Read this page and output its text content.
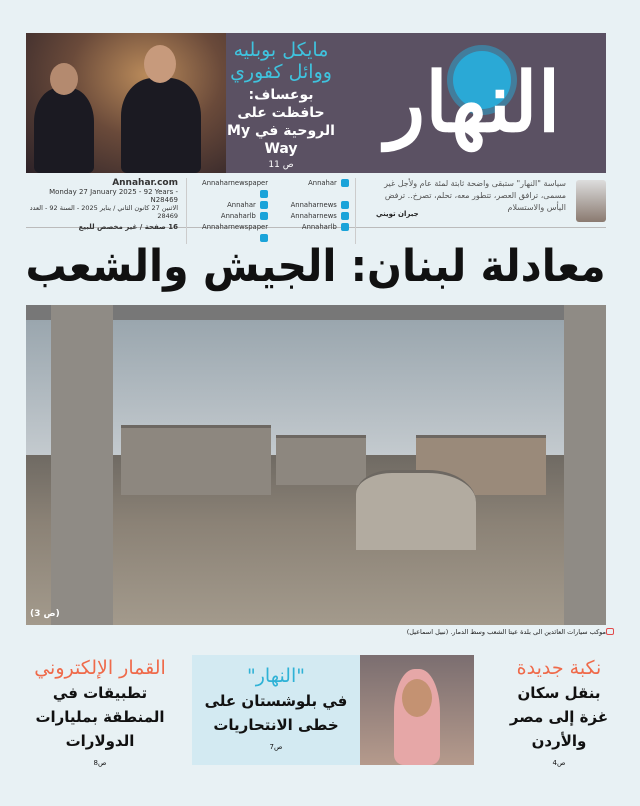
مايكل بوبليه ووائل كفوري
بوعساف: حافظت على الروحية في My Way
ص 11
النهار
Annahar.com
Monday 27 January 2025 - 92 Years - N28469
الاثنين 27 كانون الثاني / يناير 2025 - السنة 92 - العدد 28469
16 صفحة / غير مخصص للبيع
Annaharnewspaper	Annahar
Annahar	Annaharnews
Annaharlb	Annaharnews
Annaharnewspaper	Annaharlb
سياسة "النهار" ستبقى واضحة ثابتة لمئة عام ولأجل غير مسمى، ترافق العصر، تتطور معه، تحلم، تصرخ.. ترفض اليأس والاستسلام
جبران تويني
معادلة لبنان: الجيش والشعب
(ص 3)
موكب سيارات العائدين الى بلدة عيتا الشعب وسط الدمار. (نبيل اسماعيل)
نكبة جديدة
بنقل سكان غزة إلى مصر والأردن
ص4
"النهار"
في بلوشستان على خطى الانتحاريات
ص7
القمار الإلكتروني
تطبيقات في المنطقة بمليارات الدولارات
ص8
